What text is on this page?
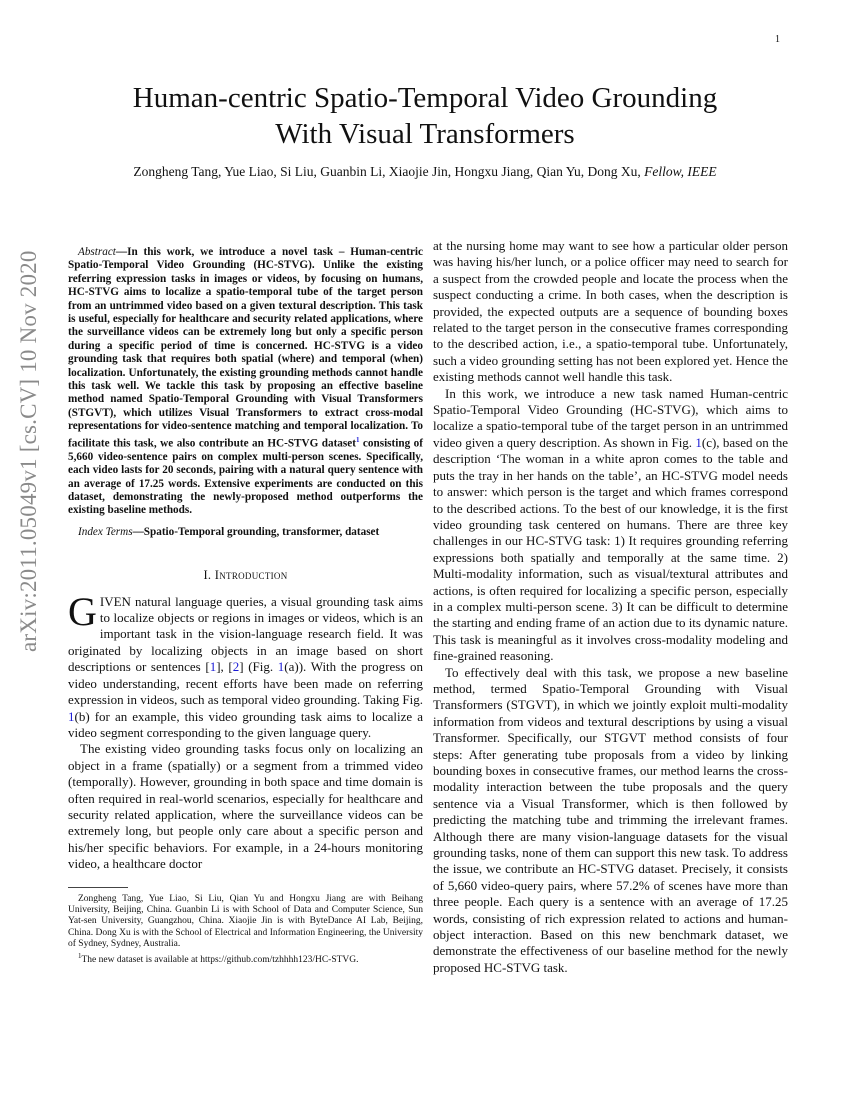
1
arXiv:2011.05049v1 [cs.CV] 10 Nov 2020
Human-centric Spatio-Temporal Video Grounding
With Visual Transformers
Zongheng Tang, Yue Liao, Si Liu, Guanbin Li, Xiaojie Jin, Hongxu Jiang, Qian Yu, Dong Xu, Fellow, IEEE
Abstract—In this work, we introduce a novel task – Human-centric Spatio-Temporal Video Grounding (HC-STVG). Unlike the existing referring expression tasks in images or videos, by focusing on humans, HC-STVG aims to localize a spatio-temporal tube of the target person from an untrimmed video based on a given textural description. This task is useful, especially for healthcare and security related applications, where the surveillance videos can be extremely long but only a specific person during a specific period of time is concerned. HC-STVG is a video grounding task that requires both spatial (where) and temporal (when) localization. Unfortunately, the existing grounding methods cannot handle this task well. We tackle this task by proposing an effective baseline method named Spatio-Temporal Grounding with Visual Transformers (STGVT), which utilizes Visual Transformers to extract cross-modal representations for video-sentence matching and temporal localization. To facilitate this task, we also contribute an HC-STVG dataset$^1$ consisting of 5,660 video-sentence pairs on complex multi-person scenes. Specifically, each video lasts for 20 seconds, pairing with a natural query sentence with an average of 17.25 words. Extensive experiments are conducted on this dataset, demonstrating the newly-proposed method outperforms the existing baseline methods.
Index Terms—Spatio-Temporal grounding, transformer, dataset
I. Introduction

GIVEN natural language queries, a visual grounding task aims to localize objects or regions in images or videos, which is an important task in the vision-language research field. It was originated by localizing objects in an image based on short descriptions or sentences [1], [2] (Fig. 1(a)). With the progress on video understanding, recent efforts have been made on referring expression in videos, such as temporal video grounding. Taking Fig. 1(b) for an example, this video grounding task aims to localize a video segment corresponding to the given language query.

The existing video grounding tasks focus only on localizing an object in a frame (spatially) or a segment from a trimmed video (temporally). However, grounding in both space and time domain is often required in real-world scenarios, especially for healthcare and security related application, where the surveillance videos can be extremely long, but people only care about a specific person and his/her specific behaviors. For example, in a 24-hours monitoring video, a healthcare doctor

Zongheng Tang, Yue Liao, Si Liu, Qian Yu and Hongxu Jiang are with Beihang University, Beijing, China. Guanbin Li is with School of Data and Computer Science, Sun Yat-sen University, Guangzhou, China. Xiaojie Jin is with ByteDance AI Lab, Beijing, China. Dong Xu is with the School of Electrical and Information Engineering, the University of Sydney, Sydney, Australia.
$^1$The new dataset is available at https://github.com/tzhhhh123/HC-STVG.

at the nursing home may want to see how a particular older person was having his/her lunch, or a police officer may need to search for a suspect from the crowded people and locate the process when the suspect conducting a crime. In both cases, when the description is provided, the expected outputs are a sequence of bounding boxes related to the target person in the consecutive frames corresponding to the described action, i.e., a spatio-temporal tube. Unfortunately, such a video grounding setting has not been explored yet. Hence the existing methods cannot well handle this task.

In this work, we introduce a new task named Human-centric Spatio-Temporal Video Grounding (HC-STVG), which aims to localize a spatio-temporal tube of the target person in an untrimmed video given a query description. As shown in Fig. 1(c), based on the description ‘The woman in a white apron comes to the table and puts the tray in her hands on the table’, an HC-STVG model needs to answer: which person is the target and which frames correspond to the described actions. To the best of our knowledge, it is the first video grounding task centered on humans. There are three key challenges in our HC-STVG task: 1) It requires grounding referring expressions both spatially and temporally at the same time. 2) Multi-modality information, such as visual/textural attributes and actions, is often required for localizing a specific person, especially in a complex multi-person scene. 3) It can be difficult to determine the starting and ending frame of an action due to its dynamic nature. This task is meaningful as it involves cross-modality modeling and fine-grained reasoning.

To effectively deal with this task, we propose a new baseline method, termed Spatio-Temporal Grounding with Visual Transformers (STGVT), in which we jointly exploit multi-modality information from videos and textural descriptions by using a visual Transformer. Specifically, our STGVT method consists of four steps: After generating tube proposals from a video by linking bounding boxes in consecutive frames, our method learns the cross-modality interaction between the tube proposals and the query sentence via a Visual Transformer, which is then followed by predicting the matching tube and trimming the irrelevant frames. Although there are many vision-language datasets for the visual grounding tasks, none of them can support this new task. To address the issue, we contribute an HC-STVG dataset. Precisely, it consists of 5,660 video-query pairs, where 57.2% of scenes have more than three people. Each query is a sentence with an average of 17.25 words, consisting of rich expression related to actions and human-object interaction. Based on this new benchmark dataset, we demonstrate the effectiveness of our baseline method for the newly proposed HC-STVG task.
